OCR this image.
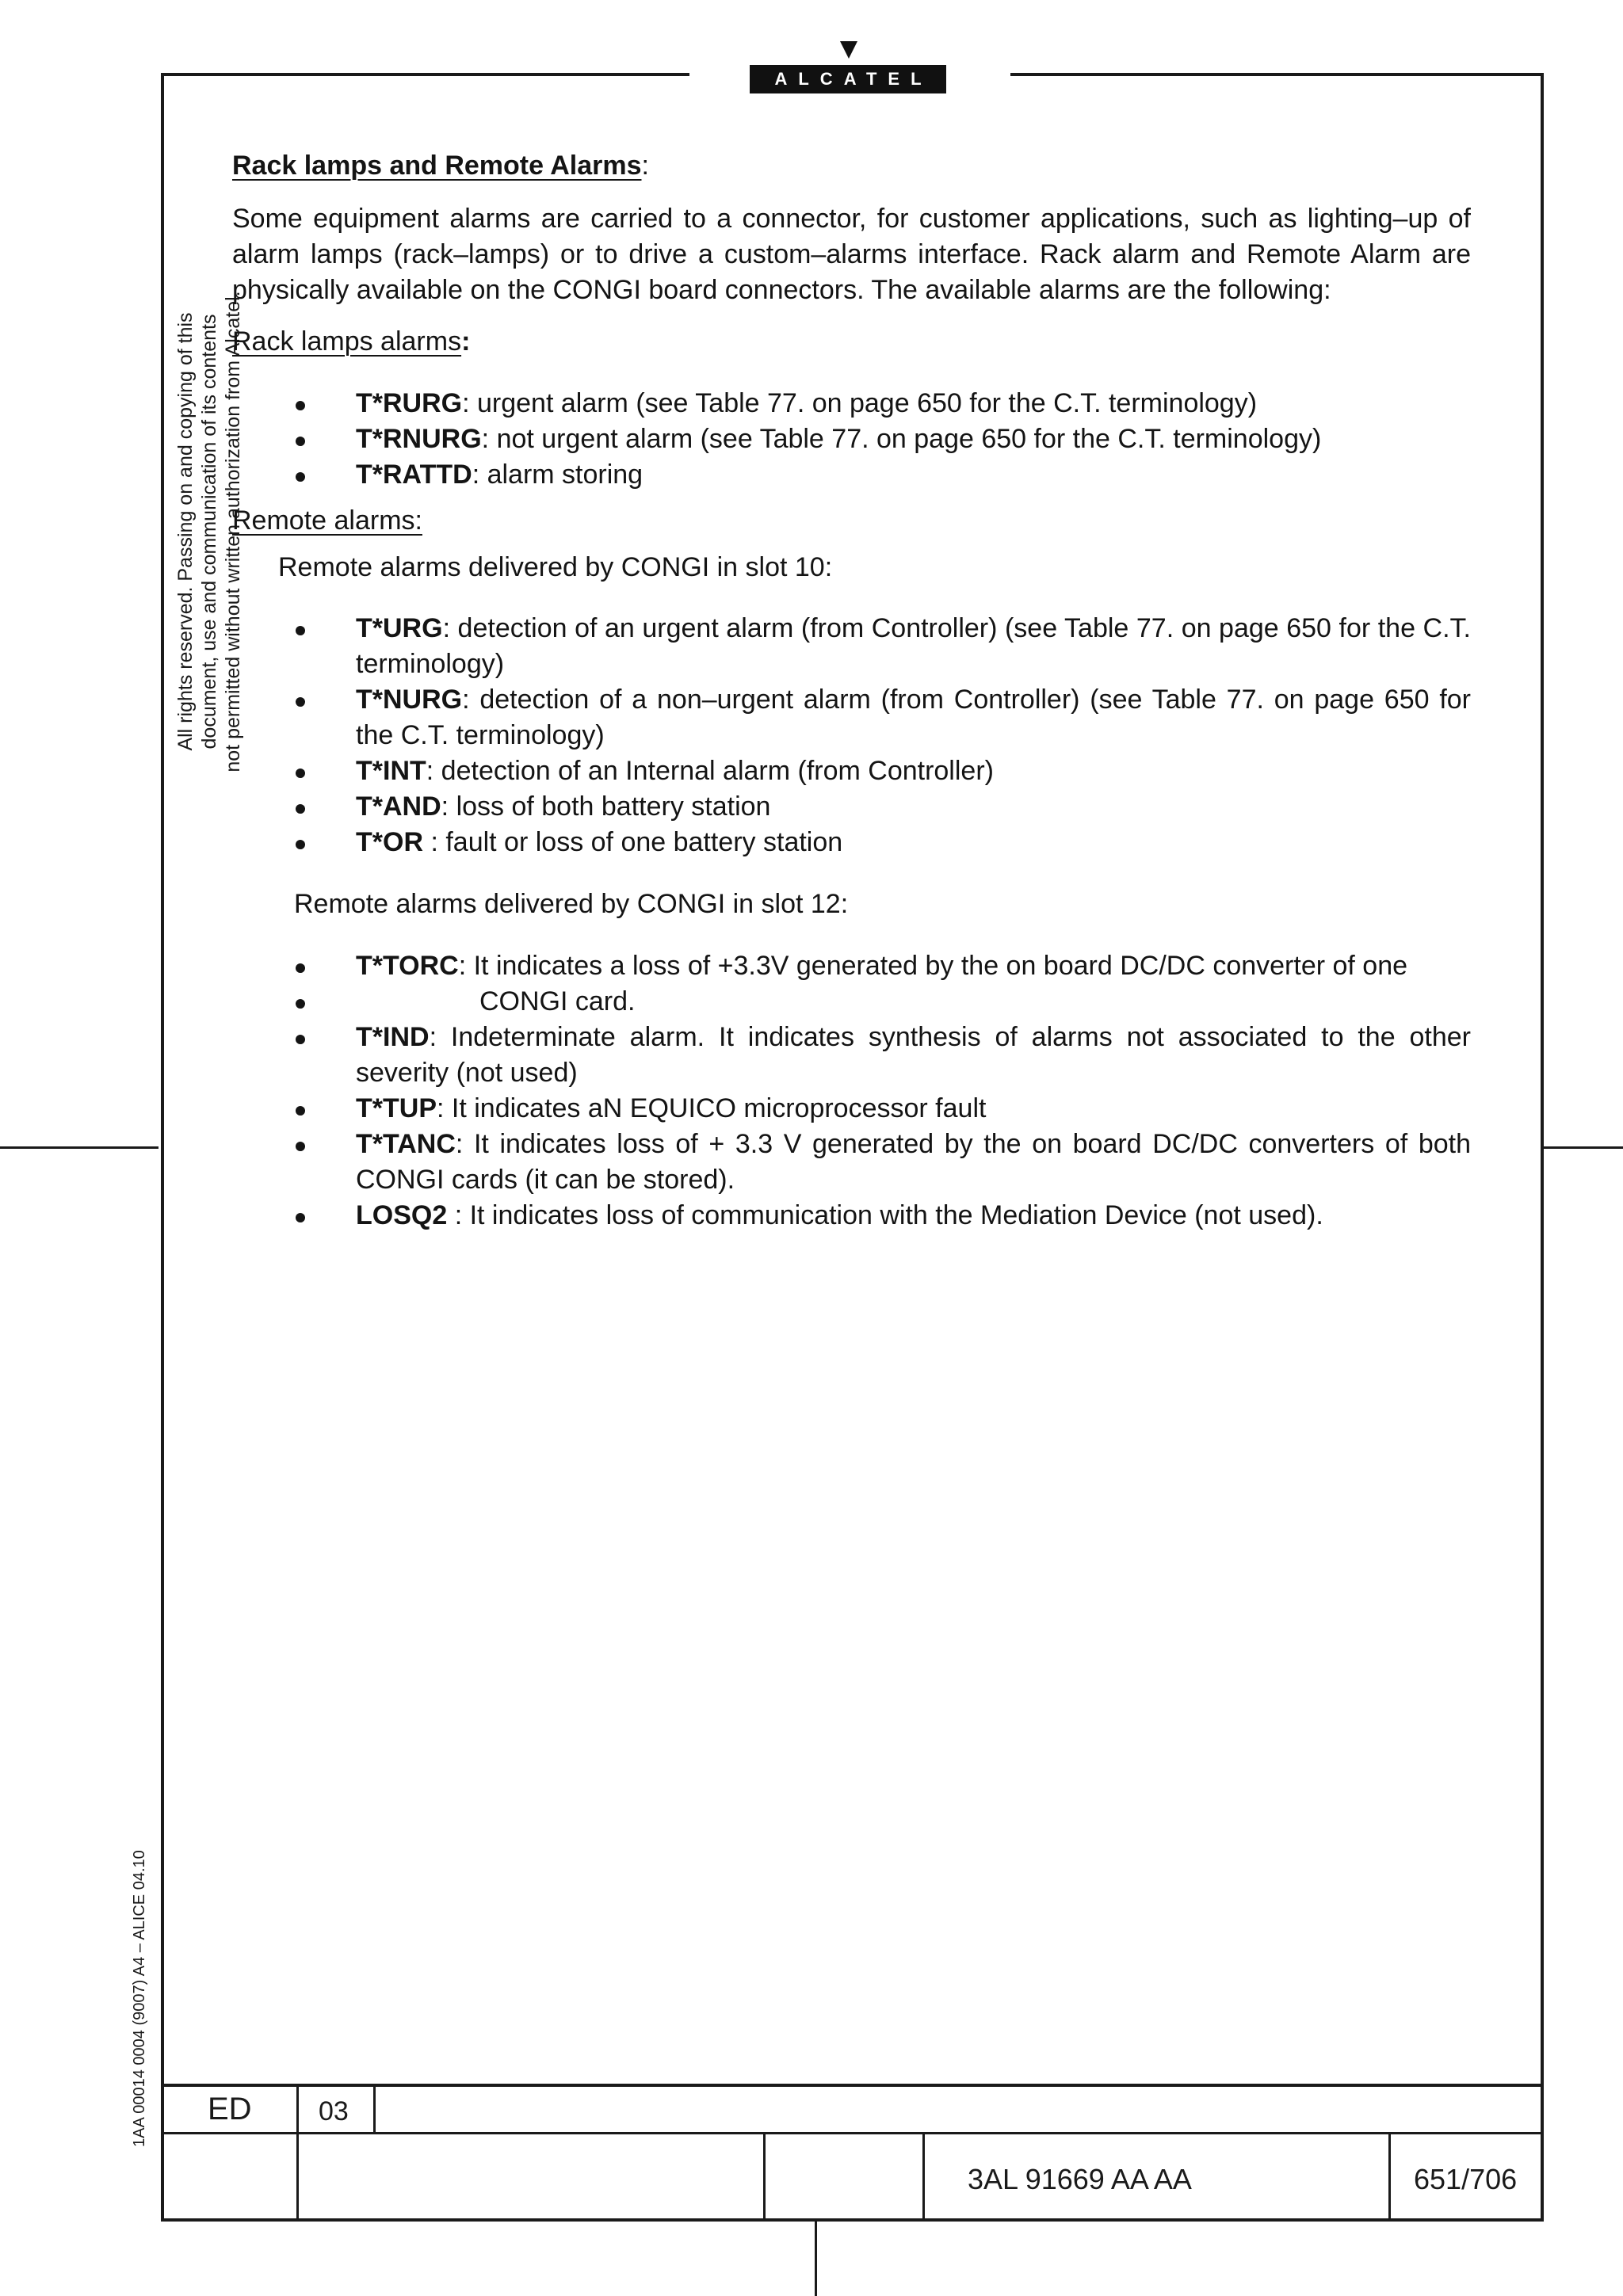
ALCATEL
All rights reserved. Passing on and copying of this document, use and communication of its contents not permitted without written authorization from Alcatel.
1AA 00014 0004 (9007) A4 – ALICE 04.10
Rack lamps and Remote Alarms:

Some equipment alarms are carried to a connector, for customer applications, such as lighting–up of alarm lamps (rack–lamps) or to drive a custom–alarms interface. Rack alarm and Remote Alarm are physically available on the CONGI board connectors. The available alarms are the following:

Rack lamps alarms:
T*RURG: urgent alarm (see Table 77. on page 650 for the C.T. terminology)
T*RNURG: not urgent alarm (see Table 77. on page 650 for the C.T. terminology)
T*RATTD: alarm storing
Remote alarms:
Remote alarms delivered by CONGI in slot 10:
T*URG: detection of an urgent alarm (from Controller) (see Table 77. on page 650 for the C.T. terminology)
T*NURG: detection of a non–urgent alarm (from Controller) (see Table 77. on page 650 for the C.T. terminology)
T*INT: detection of an Internal alarm (from Controller)
T*AND: loss of both battery station
T*OR : fault or loss of one battery station
Remote alarms delivered by CONGI in slot 12:
T*TORC: It indicates a loss of +3.3V generated by the on board DC/DC converter of one
CONGI card.
T*IND: Indeterminate alarm. It indicates synthesis of alarms not associated to the other severity (not used)
T*TUP: It indicates aN EQUICO microprocessor fault
T*TANC: It indicates loss of + 3.3 V generated by the on board DC/DC converters of both CONGI cards (it can be stored).
LOSQ2 : It indicates loss of communication with the Mediation Device (not used).
ED 03
3AL 91669 AA AA	651/706
